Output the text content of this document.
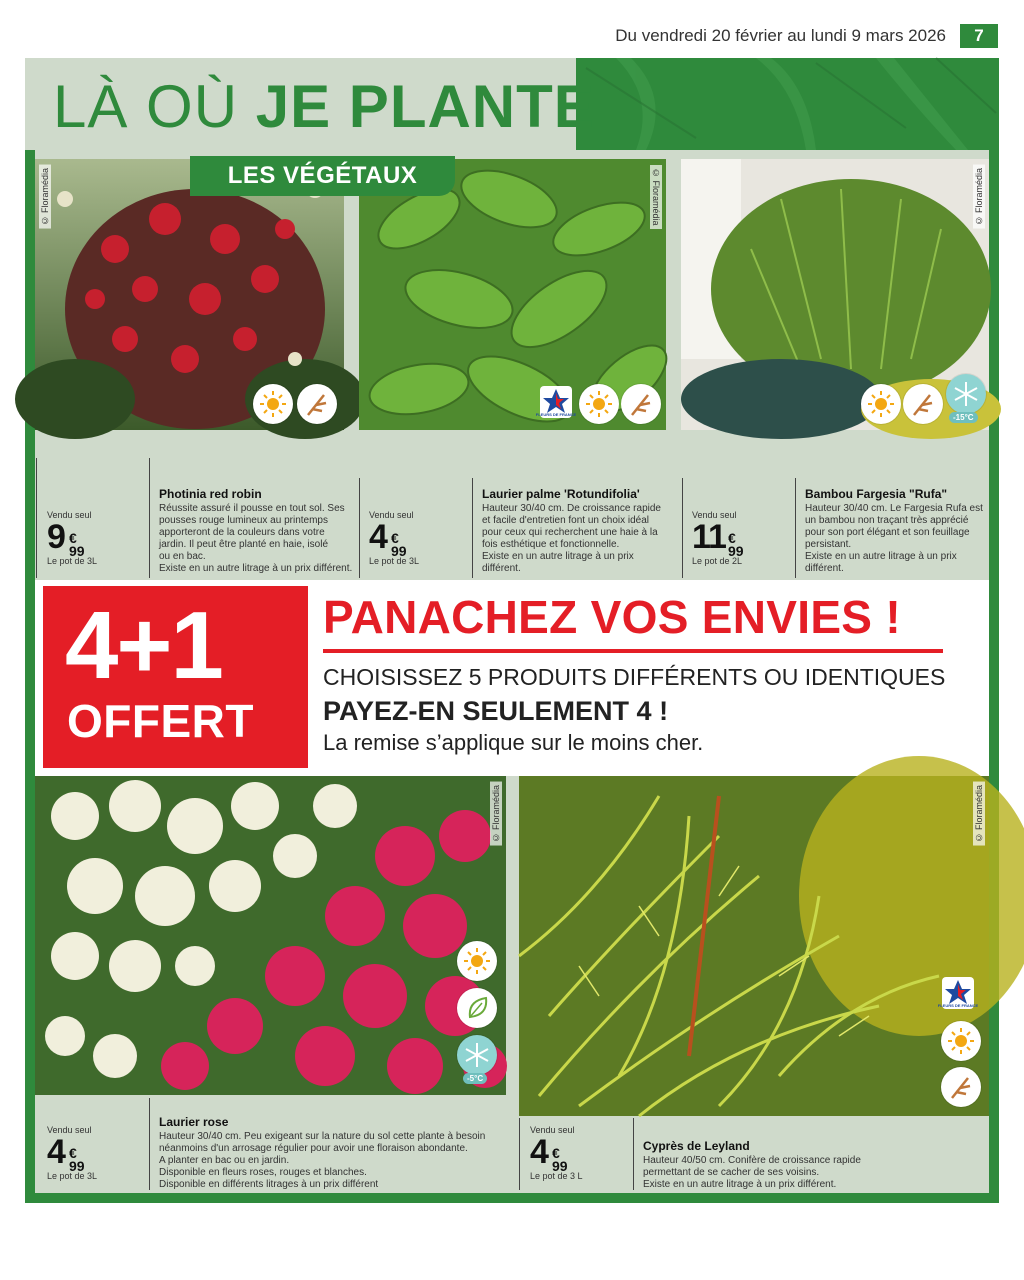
Du vendredi 20 février au lundi 9 mars 2026	7
LÀ OÙ JE PLANTE
© Floramédia	© Floramédia
FLEURS DE FRANCE
© Floramédia
-15°C
LES VÉGÉTAUX
Vendu seul
9 €
99
Le pot de 3L
Photinia red robin
Réussite assuré il pousse en tout sol. Ses
pousses rouge lumineux au printemps
apporteront de la couleurs dans votre
jardin. Il peut être planté en haie, isolé
ou en bac.
Existe en un autre litrage à un prix différent.
Vendu seul
4 €
99
Le pot de 3L
Laurier palme 'Rotundifolia'
Hauteur 30/40 cm. De croissance rapide
et facile d'entretien font un choix idéal
pour ceux qui recherchent une haie à la
fois esthétique et fonctionnelle.
Existe en un autre litrage à un prix
différent.
Vendu seul
11 €
99
Le pot de 2L
Bambou Fargesia "Rufa"
Hauteur 30/40 cm. Le Fargesia Rufa est
un bambou non traçant très apprécié
pour son port élégant et son feuillage
persistant.
Existe en un autre litrage à un prix
différent.
4+1
OFFERT
PANACHEZ VOS ENVIES !
CHOISISSEZ 5 PRODUITS DIFFÉRENTS OU IDENTIQUES
PAYEZ-EN SEULEMENT 4 !
La remise s’applique sur le moins cher.
© Floramédia
-5°C
© Floramédia
FLEURS DE FRANCE
Vendu seul
4 €
99
Le pot de 3L
Laurier rose
Hauteur 30/40 cm. Peu exigeant sur la nature du sol cette plante à besoin
néanmoins d'un arrosage régulier pour avoir une floraison abondante.
A planter en bac ou en jardin.
Disponible en fleurs roses, rouges et blanches.
Disponible en différents litrages à un prix différent
Vendu seul
4 €
99
Le pot de 3 L
Cyprès de Leyland
Hauteur 40/50 cm. Conifère de croissance rapide
permettant de se cacher de ses voisins.
Existe en un autre litrage à un prix différent.
